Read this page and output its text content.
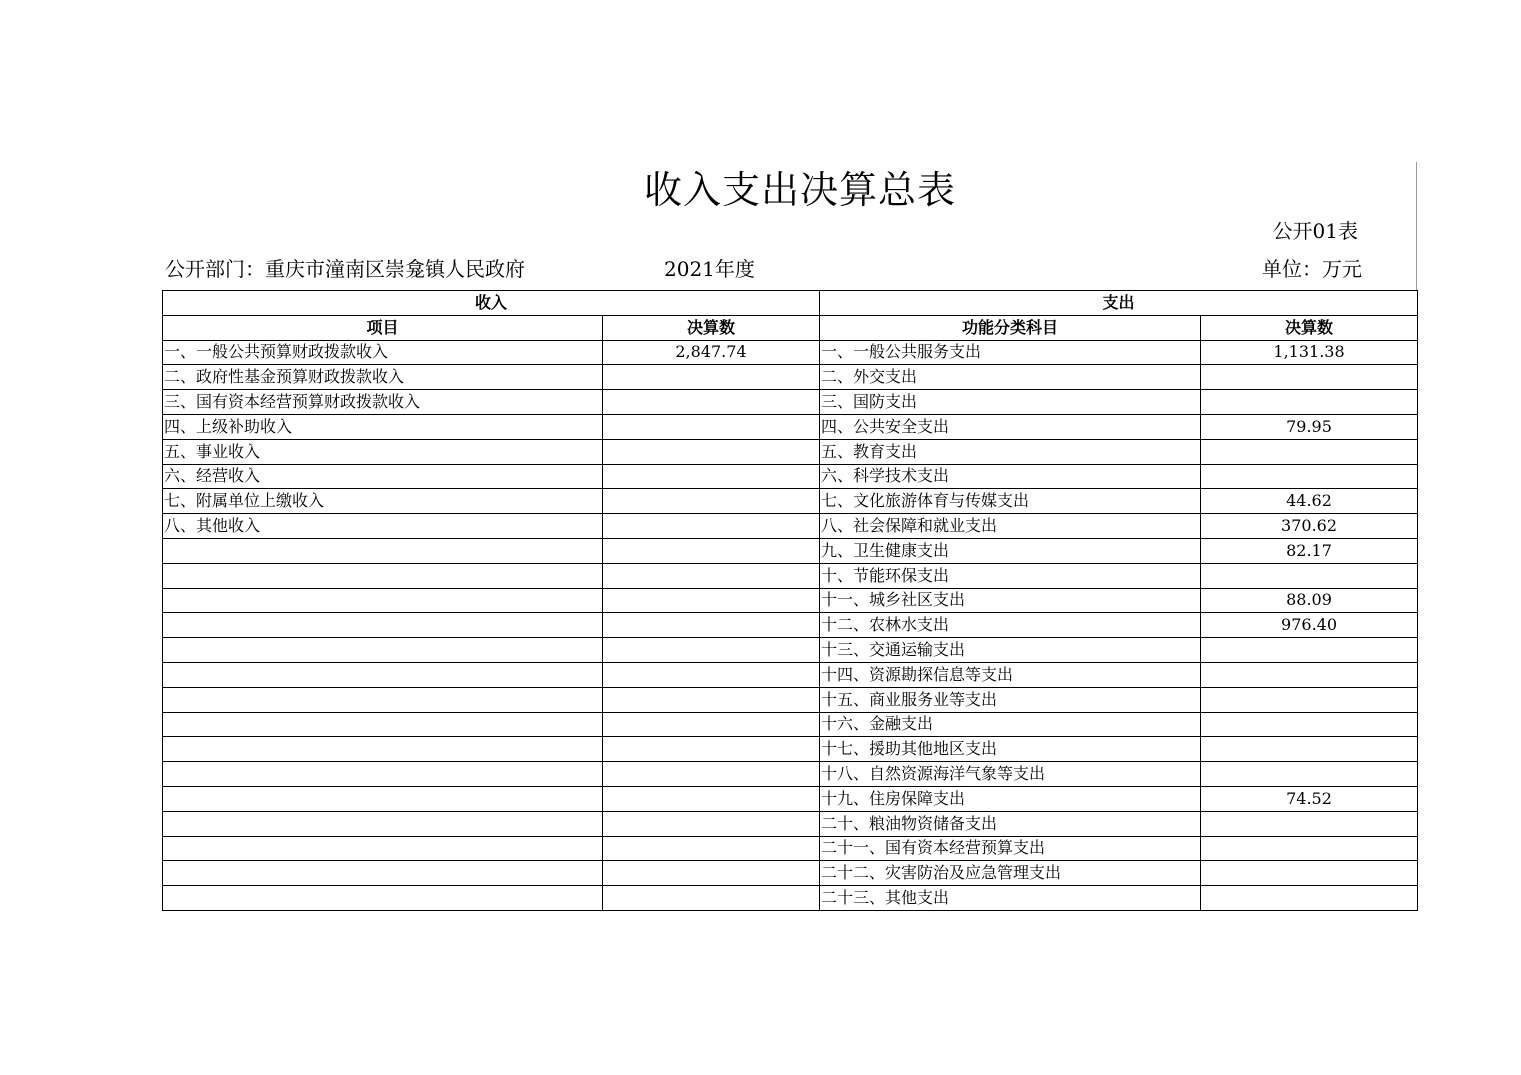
收入支出决算总表
公开01表
公开部门：重庆市潼南区崇龛镇人民政府	2021年度	单位：万元
收入		支出	
项目	决算数	功能分类科目	决算数
一、一般公共预算财政拨款收入	2,847.74	一、一般公共服务支出	1,131.38
二、政府性基金预算财政拨款收入		二、外交支出	
三、国有资本经营预算财政拨款收入		三、国防支出	
四、上级补助收入		四、公共安全支出	79.95
五、事业收入		五、教育支出	
六、经营收入		六、科学技术支出	
七、附属单位上缴收入		七、文化旅游体育与传媒支出	44.62
八、其他收入		八、社会保障和就业支出	370.62
		九、卫生健康支出	82.17
		十、节能环保支出	
		十一、城乡社区支出	88.09
		十二、农林水支出	976.40
		十三、交通运输支出	
		十四、资源勘探信息等支出	
		十五、商业服务业等支出	
		十六、金融支出	
		十七、援助其他地区支出	
		十八、自然资源海洋气象等支出	
		十九、住房保障支出	74.52
		二十、粮油物资储备支出	
		二十一、国有资本经营预算支出	
		二十二、灾害防治及应急管理支出	
		二十三、其他支出	
